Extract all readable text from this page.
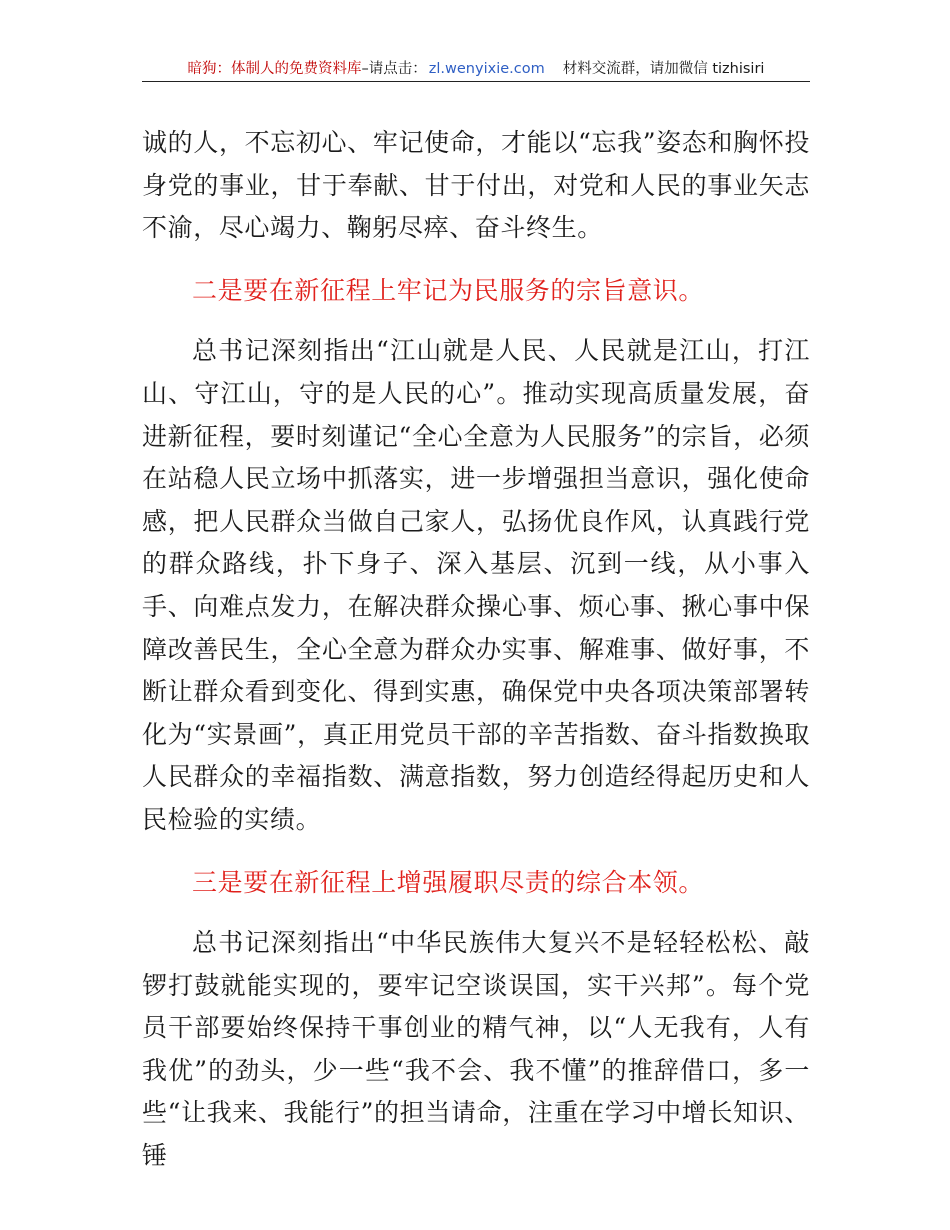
暗狗：体制人的免费资料库 –请点击： zl.wenyixie.com 材料交流群，请加微信 tizhisiri

诚的人，不忘初心、牢记使命，才能以“忘我”姿态和胸怀投身党的事业，甘于奉献、甘于付出，对党和人民的事业矢志不渝，尽心竭力、鞠躬尽瘁、奋斗终生。

二是要在新征程上牢记为民服务的宗旨意识。

总书记深刻指出“江山就是人民、人民就是江山，打江山、守江山，守的是人民的心”。推动实现高质量发展，奋进新征程，要时刻谨记“全心全意为人民服务”的宗旨，必须在站稳人民立场中抓落实，进一步增强担当意识，强化使命感，把人民群众当做自己家人，弘扬优良作风，认真践行党的群众路线，扑下身子、深入基层、沉到一线，从小事入手、向难点发力，在解决群众操心事、烦心事、揪心事中保障改善民生，全心全意为群众办实事、解难事、做好事，不断让群众看到变化、得到实惠，确保党中央各项决策部署转化为“实景画”，真正用党员干部的辛苦指数、奋斗指数换取人民群众的幸福指数、满意指数，努力创造经得起历史和人民检验的实绩。

三是要在新征程上增强履职尽责的综合本领。

总书记深刻指出“中华民族伟大复兴不是轻轻松松、敲锣打鼓就能实现的，要牢记空谈误国，实干兴邦”。每个党员干部要始终保持干事创业的精气神，以“人无我有，人有我优”的劲头，少一些“我不会、我不懂”的推辞借口，多一些“让我来、我能行”的担当请命，注重在学习中增长知识、锤
